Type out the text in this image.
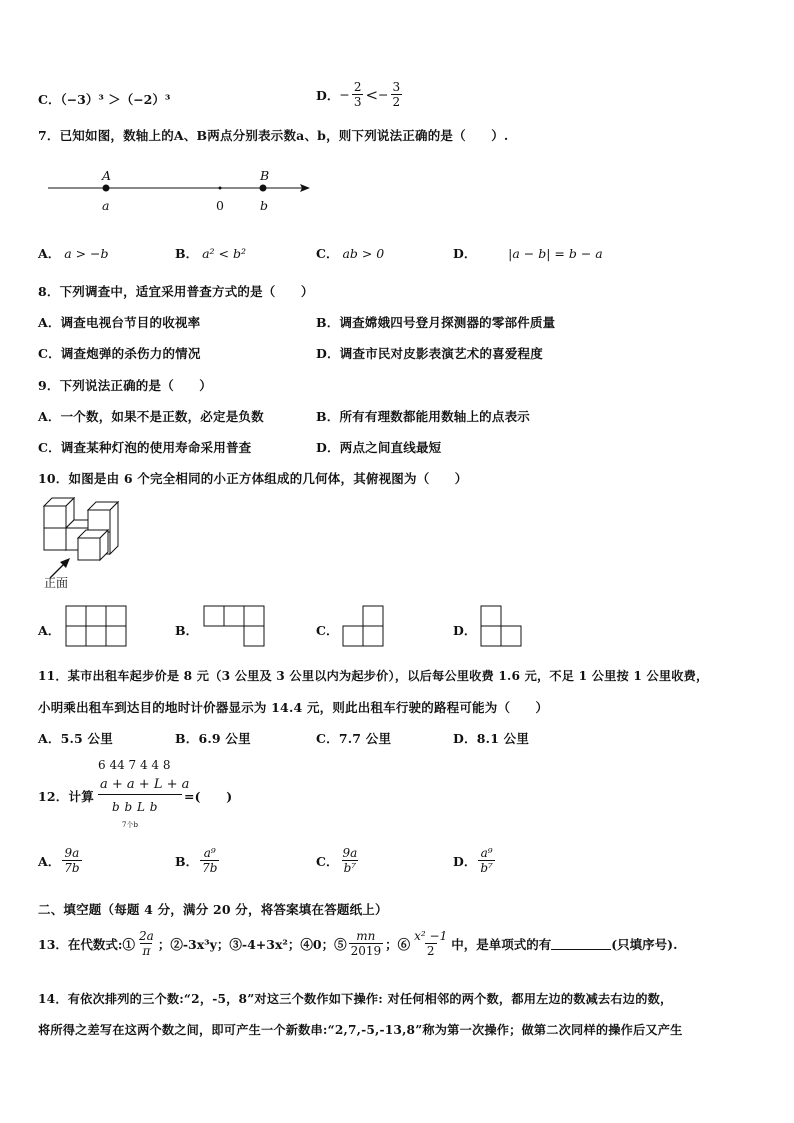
C．（−3）³ ＞（−2）³	D． − $\frac{2}{3}$ < − $\frac{3}{2}$
7．已知如图，数轴上的A、B两点分别表示数a、b，则下列说法正确的是（　　）.
A
a	0
B
b
A． a > −b	B． a² < b²	C． ab > 0	D．	|a − b| = b − a
8．下列调查中，适宜采用普查方式的是（　　）
A．调查电视台节目的收视率	B．调查嫦娥四号登月探测器的零部件质量
C．调查炮弹的杀伤力的情况	D．调查市民对皮影表演艺术的喜爱程度
9．下列说法正确的是（　　）
A．一个数，如果不是正数，必定是负数	B．所有有理数都能用数轴上的点表示
C．调查某种灯泡的使用寿命采用普查	D．两点之间直线最短
10．如图是由 6 个完全相同的小正方体组成的几何体，其俯视图为（　　）
正面
A．	B．	C．	D．
11．某市出租车起步价是 8 元（3 公里及 3 公里以内为起步价），以后每公里收费 1.6 元，不足 1 公里按 1 公里收费，
小明乘出租车到达目的地时计价器显示为 14.4 元，则此出租车行驶的路程可能为（　　）
A．5.5 公里	B．6.9 公里	C．7.7 公里	D．8.1 公里
6 44 7 4 4 8
12．计算
a + a + L + a
b  b  L  b
7个b
=(　　)
A． $\frac{9a}{7b}$	B． $\frac{\text{a⁹}}{7b}$	C． $\frac{9a}{\text{b⁷}}$	D． $\frac{\text{a⁹}}{\text{b⁷}}$
二、填空题（每题 4 分，满分 20 分，将答案填在答题纸上）
13．在代数式:① $\frac{2a}{\pi}$ ；②-3x³y；③-4+3x²；④0；⑤ $\frac{mn}{2019}$ ；⑥ $\frac{\text{x² −1}}{2}$ 中，是单项式的有	(只填序号).
14．有依次排列的三个数:“2，-5，8”对这三个数作如下操作: 对任何相邻的两个数，都用左边的数减去右边的数，
将所得之差写在这两个数之间，即可产生一个新数串:“2,7,-5,-13,8”称为第一次操作；做第二次同样的操作后又产生
